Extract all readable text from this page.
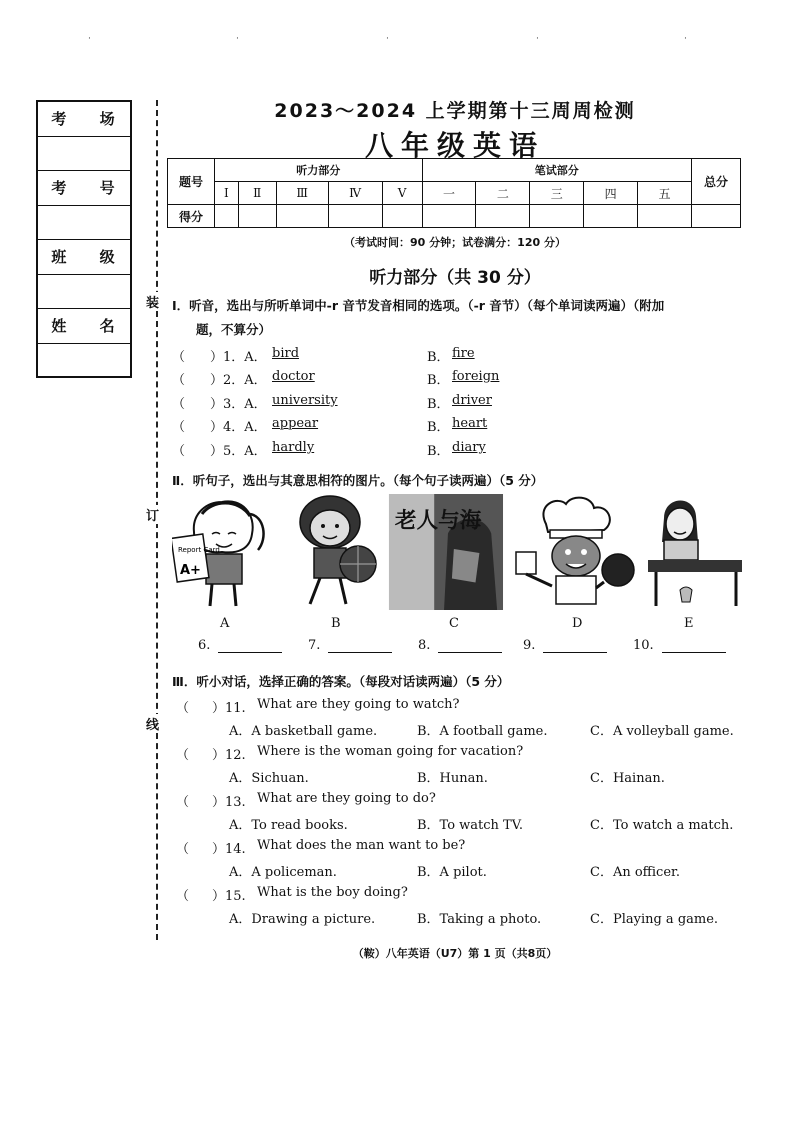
·	·	·	·	·
考 场
考 号
班 级
姓 名
装
订
线
2023～2024 上学期第十三周周检测
八年级英语
题号	听力部分					笔试部分					总分
	Ⅰ	Ⅱ	Ⅲ	Ⅳ	Ⅴ	一	二	三	四	五	
得分											
（考试时间：90 分钟；试卷满分：120 分）
听力部分（共 30 分）
Ⅰ．听音，选出与所听单词中-r 音节发音相同的选项。（-r 音节）（每个单词读两遍）（附加
题，不算分）
（ ）1．A． bird	B． fire
（ ）2．A． doctor	B． foreign
（ ）3．A． university	B． driver
（ ）4．A． appear	B． heart
（ ）5．A． hardly	B． diary
Ⅱ．听句子，选出与其意思相符的图片。（每个句子读两遍）（5 分）
Report Card
A+
老人与海
A	B	C	D	E
6.	7.	8.	9.	10.
Ⅲ．听小对话，选择正确的答案。（每段对话读两遍）（5 分）
（ ）11. What are they going to watch?
A．A basketball game.	B．A football game.	C．A volleyball game.
（ ）12. Where is the woman going for vacation?
A．Sichuan.	B．Hunan.	C．Hainan.
（ ）13. What are they going to do?
A．To read books.	B．To watch TV.	C．To watch a match.
（ ）14. What does the man want to be?
A．A policeman.	B．A pilot.	C．An officer.
（ ）15. What is the boy doing?
A．Drawing a picture.	B．Taking a photo.	C．Playing a game.
（鞍）八年英语（U7）第 1 页（共8页）
